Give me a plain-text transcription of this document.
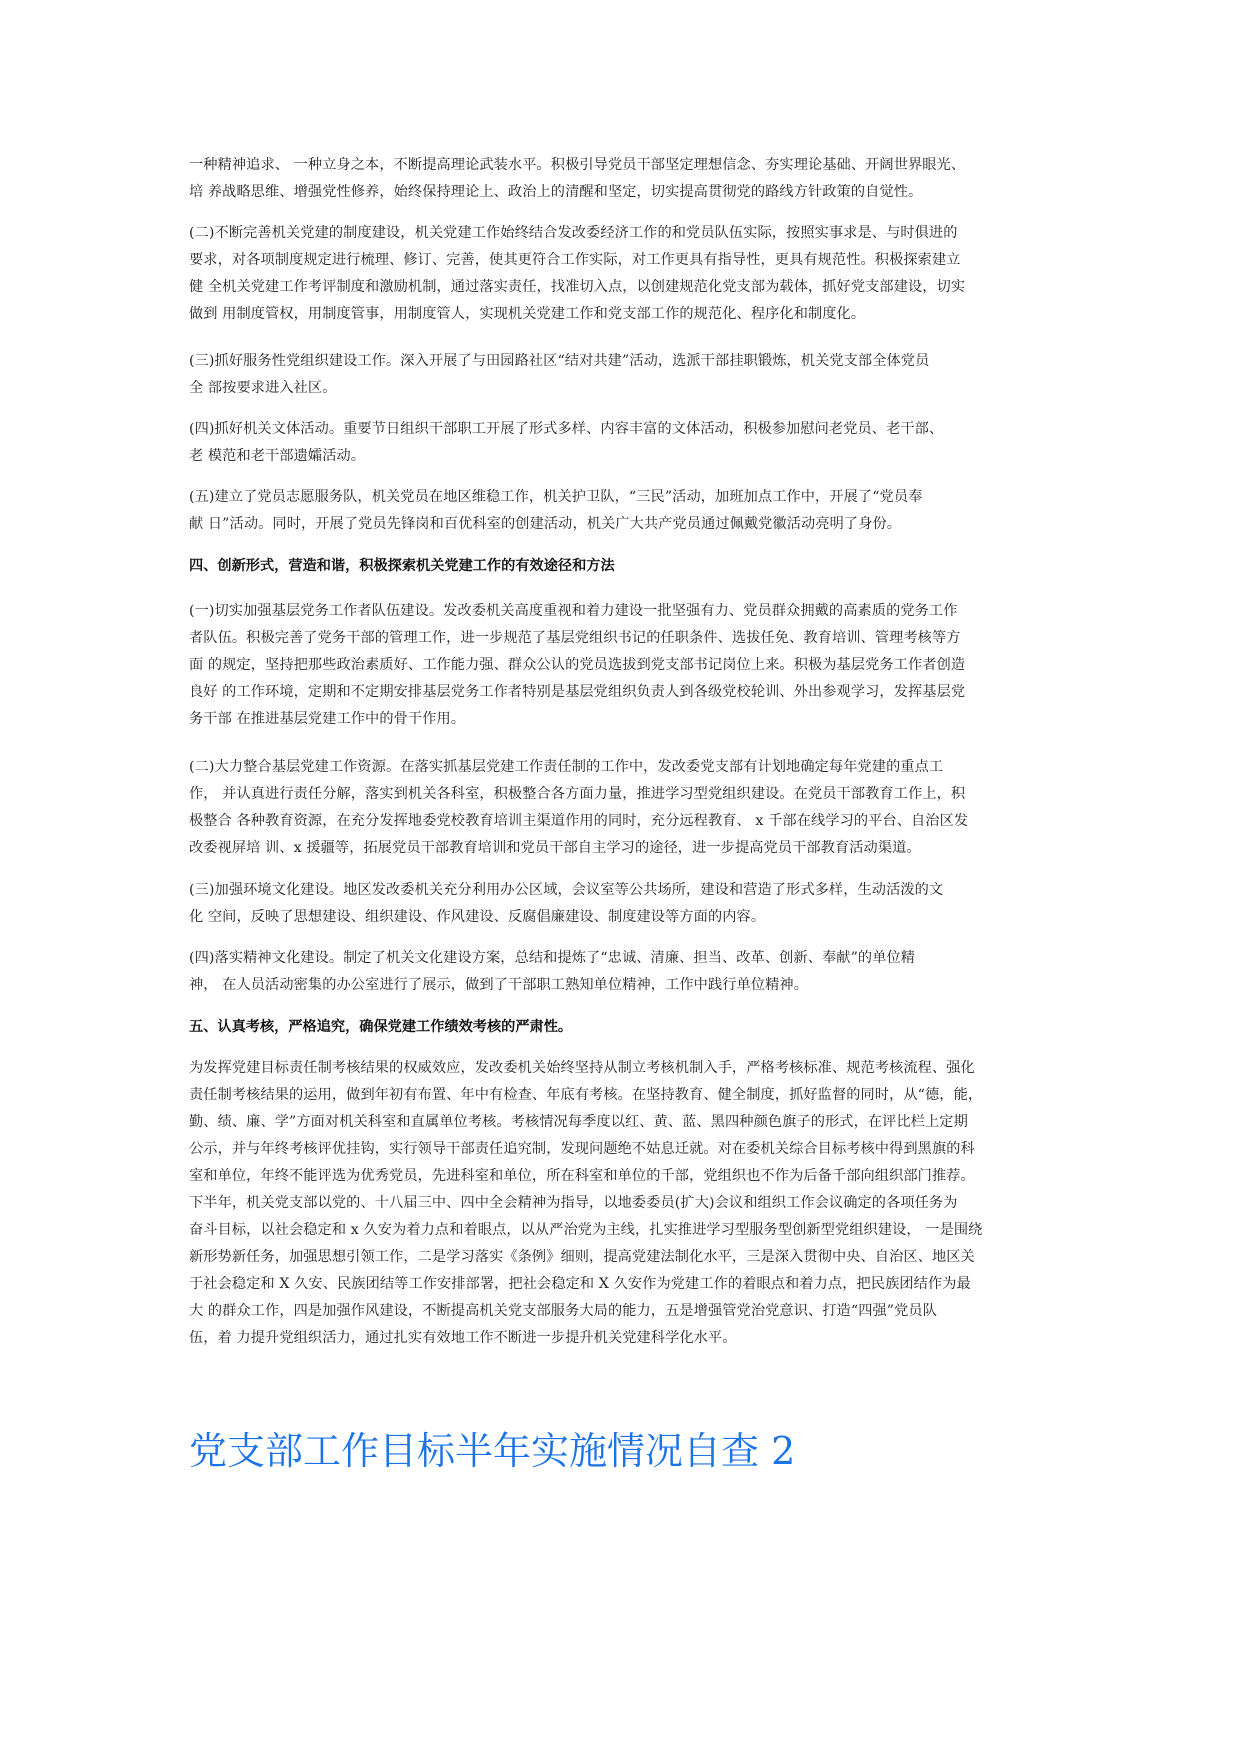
一种精神追求、 一种立身之本，不断提高理论武装水平。积极引导党员干部坚定理想信念、夯实理论基础、开阔世界眼光、
培 养战略思维、增强党性修养，始终保持理论上、政治上的清醒和坚定，切实提高贯彻党的路线方针政策的自觉性。
(二)不断完善机关党建的制度建设，机关党建工作始终结合发改委经济工作的和党员队伍实际，按照实事求是、与时俱进的
要求，对各项制度规定进行梳理、修订、完善，使其更符合工作实际，对工作更具有指导性，更具有规范性。积极探索建立
健 全机关党建工作考评制度和激励机制，通过落实责任，找准切入点，以创建规范化党支部为载体，抓好党支部建设，切实
做到 用制度管权，用制度管事，用制度管人，实现机关党建工作和党支部工作的规范化、程序化和制度化。
(三)抓好服务性党组织建设工作。深入开展了与田园路社区“结对共建”活动，选派干部挂职锻炼，机关党支部全体党员
全 部按要求进入社区。
(四)抓好机关文体活动。重要节日组织干部职工开展了形式多样、内容丰富的文体活动，积极参加慰问老党员、老干部、
老 模范和老干部遗孀活动。
(五)建立了党员志愿服务队，机关党员在地区维稳工作，机关护卫队，“三民”活动，加班加点工作中，开展了“党员奉
献 日”活动。同时，开展了党员先锋岗和百优科室的创建活动，机关广大共产党员通过佩戴党徽活动亮明了身份。
四、创新形式，营造和谐，积极探索机关党建工作的有效途径和方法
(一)切实加强基层党务工作者队伍建设。发改委机关高度重视和着力建设一批坚强有力、党员群众拥戴的高素质的党务工作
者队伍。积极完善了党务干部的管理工作，进一步规范了基层党组织书记的任职条件、选拔任免、教育培训、管理考核等方
面 的规定，坚持把那些政治素质好、工作能力强、群众公认的党员选拔到党支部书记岗位上来。积极为基层党务工作者创造
良好 的工作环境，定期和不定期安排基层党务工作者特别是基层党组织负责人到各级党校轮训、外出参观学习，发挥基层党
务干部 在推进基层党建工作中的骨干作用。
(二)大力整合基层党建工作资源。在落实抓基层党建工作责任制的工作中，发改委党支部有计划地确定每年党建的重点工
作， 并认真进行责任分解，落实到机关各科室，积极整合各方面力量，推进学习型党组织建设。在党员干部教育工作上，积
极整合 各种教育资源，在充分发挥地委党校教育培训主渠道作用的同时，充分远程教育、 x 千部在线学习的平台、自治区发
改委视屏培 训、x 援疆等，拓展党员干部教育培训和党员干部自主学习的途径，进一步提高党员干部教育活动渠道。
(三)加强环境文化建设。地区发改委机关充分利用办公区域，会议室等公共场所，建设和营造了形式多样，生动活泼的文
化 空间，反映了思想建设、组织建设、作风建设、反腐倡廉建设、制度建设等方面的内容。
(四)落实精神文化建设。制定了机关文化建设方案，总结和提炼了“忠诚、清廉、担当、改革、创新、奉献”的单位精
神， 在人员活动密集的办公室进行了展示，做到了干部职工熟知单位精神，工作中践行单位精神。
五、认真考核，严格追究，确保党建工作绩效考核的严肃性。
为发挥党建目标责任制考核结果的权威效应，发改委机关始终坚持从制立考核机制入手，严格考核标准、规范考核流程、强化
责任制考核结果的运用，做到年初有布置、年中有检查、年底有考核。在坚持教育、健全制度，抓好监督的同时，从“德，能，
勤、绩、廉、学”方面对机关科室和直属单位考核。考核情况每季度以红、黄、蓝、黑四种颜色旗子的形式，在评比栏上定期
公示，并与年终考核评优挂钩，实行领导干部责任追究制，发现问题绝不姑息迁就。对在委机关综合目标考核中得到黑旗的科
室和单位，年终不能评选为优秀党员，先进科室和单位，所在科室和单位的千部，党组织也不作为后备千部向组织部门推荐。
下半年，机关党支部以党的、十八届三中、四中全会精神为指导，以地委委员(扩大)会议和组织工作会议确定的各项任务为
奋斗目标，以社会稳定和 x 久安为着力点和着眼点，以从严治党为主线，扎实推进学习型服务型创新型党组织建设， 一是围绕
新形势新任务，加强思想引领工作，二是学习落实《条例》细则，提高党建法制化水平，三是深入贯彻中央、自治区、地区关
于社会稳定和 X 久安、民族团结等工作安排部署，把社会稳定和 X 久安作为党建工作的着眼点和着力点，把民族团结作为最
大 的群众工作，四是加强作风建设，不断提高机关党支部服务大局的能力，五是增强管党治党意识、打造“四强”党员队
伍，着 力提升党组织活力，通过扎实有效地工作不断进一步提升机关党建科学化水平。
党支部工作目标半年实施情况自查 2
